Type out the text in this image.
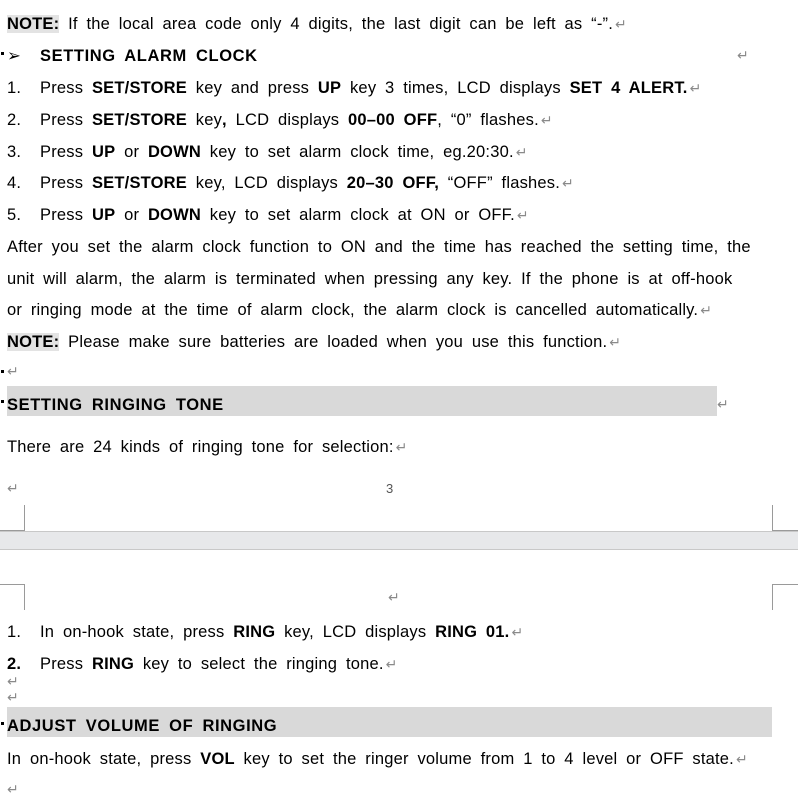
NOTE: If the local area code only 4 digits, the last digit can be left as “-”. ↵
➢ SETTING ALARM CLOCK	↵
1. Press SET/STORE key and press UP key 3 times, LCD displays SET 4 ALERT. ↵
2. Press SET/STORE key, LCD displays 00–00 OFF, “0” flashes. ↵
3. Press UP or DOWN key to set alarm clock time, eg.20:30. ↵
4. Press SET/STORE key, LCD displays 20–30 OFF, “OFF” flashes. ↵
5. Press UP or DOWN key to set alarm clock at ON or OFF. ↵
After you set the alarm clock function to ON and the time has reached the setting time, the
unit will alarm, the alarm is terminated when pressing any key. If the phone is at off-hook
or ringing mode at the time of alarm clock, the alarm clock is cancelled automatically. ↵
NOTE: Please make sure batteries are loaded when you use this function. ↵
↵
SETTING RINGING TONE	↵
There are 24 kinds of ringing tone for selection: ↵
↵	3
↵
1. In on-hook state, press RING key, LCD displays RING 01. ↵
2. Press RING key to select the ringing tone. ↵
↵
↵
ADJUST VOLUME OF RINGING
In on-hook state, press VOL key to set the ringer volume from 1 to 4 level or OFF state. ↵
↵
